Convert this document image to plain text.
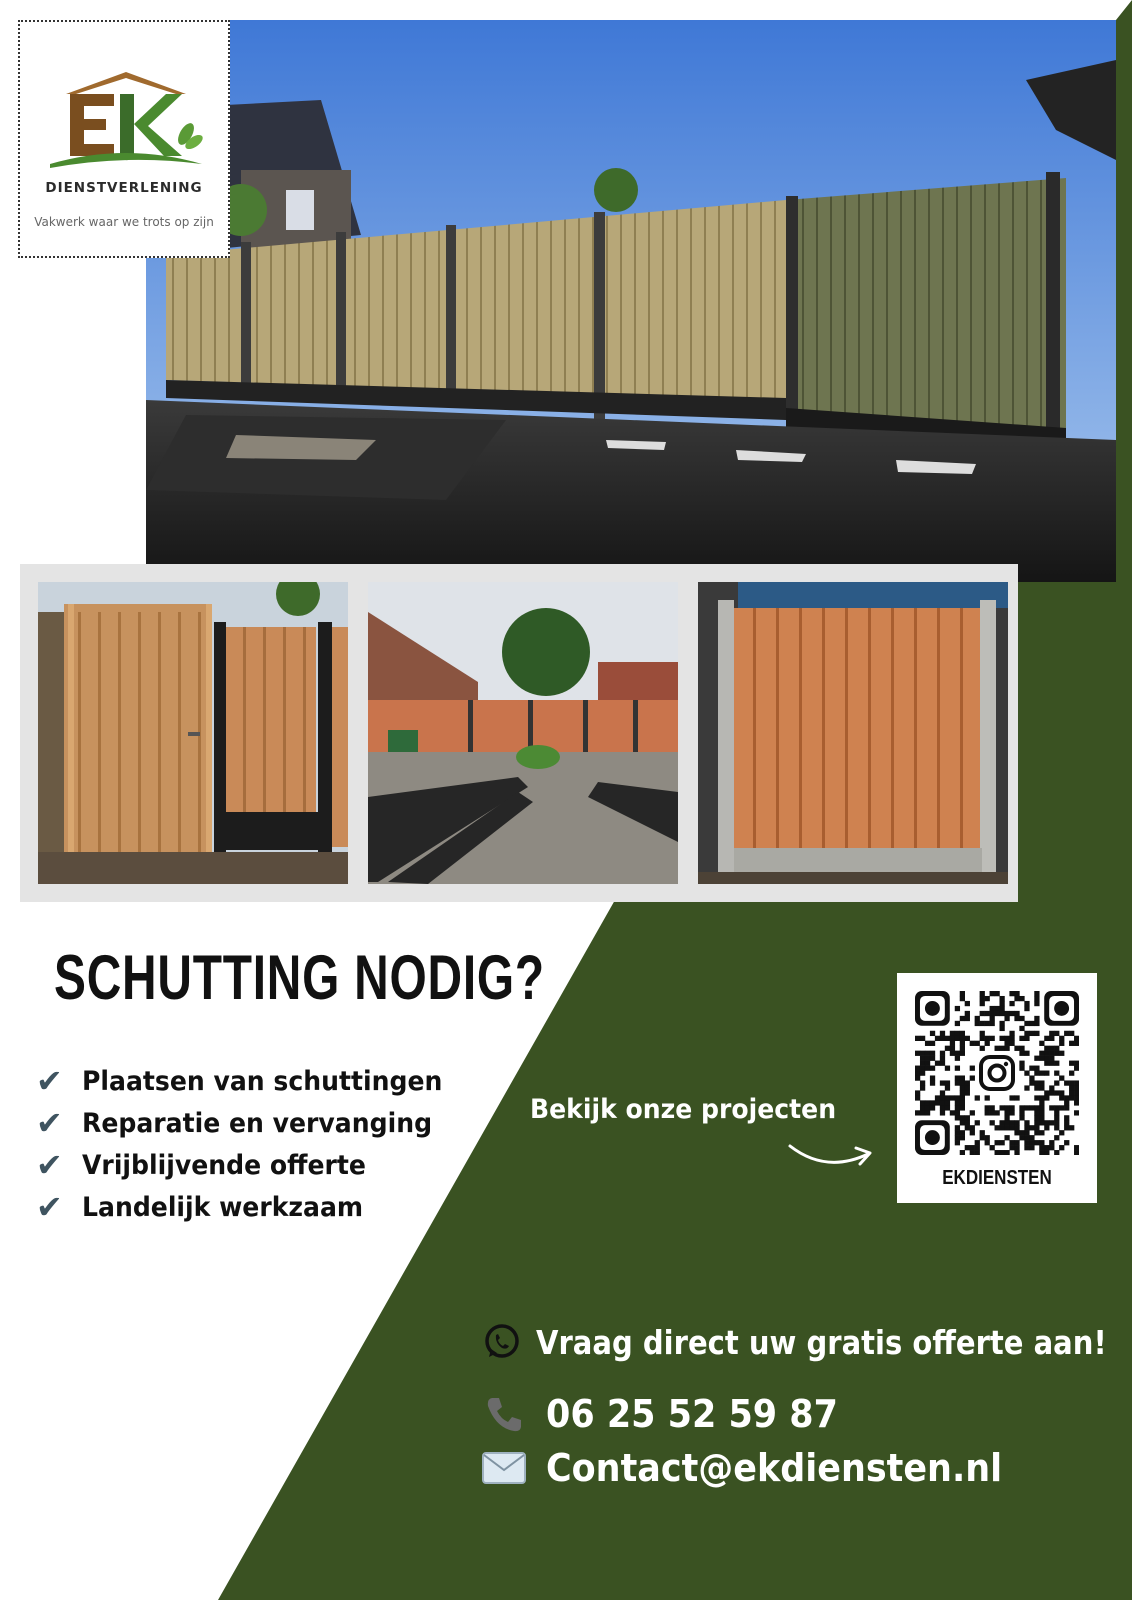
DIENSTVERLENING
Vakwerk waar we trots op zijn
SCHUTTING NODIG?
✔ Plaatsen van schuttingen
✔ Reparatie en vervanging
✔ Vrijblijvende offerte
✔ Landelijk werkzaam
Bekijk onze projecten
EKDIENSTEN
Vraag direct uw gratis offerte aan!
06 25 52 59 87
Contact@ekdiensten.nl
